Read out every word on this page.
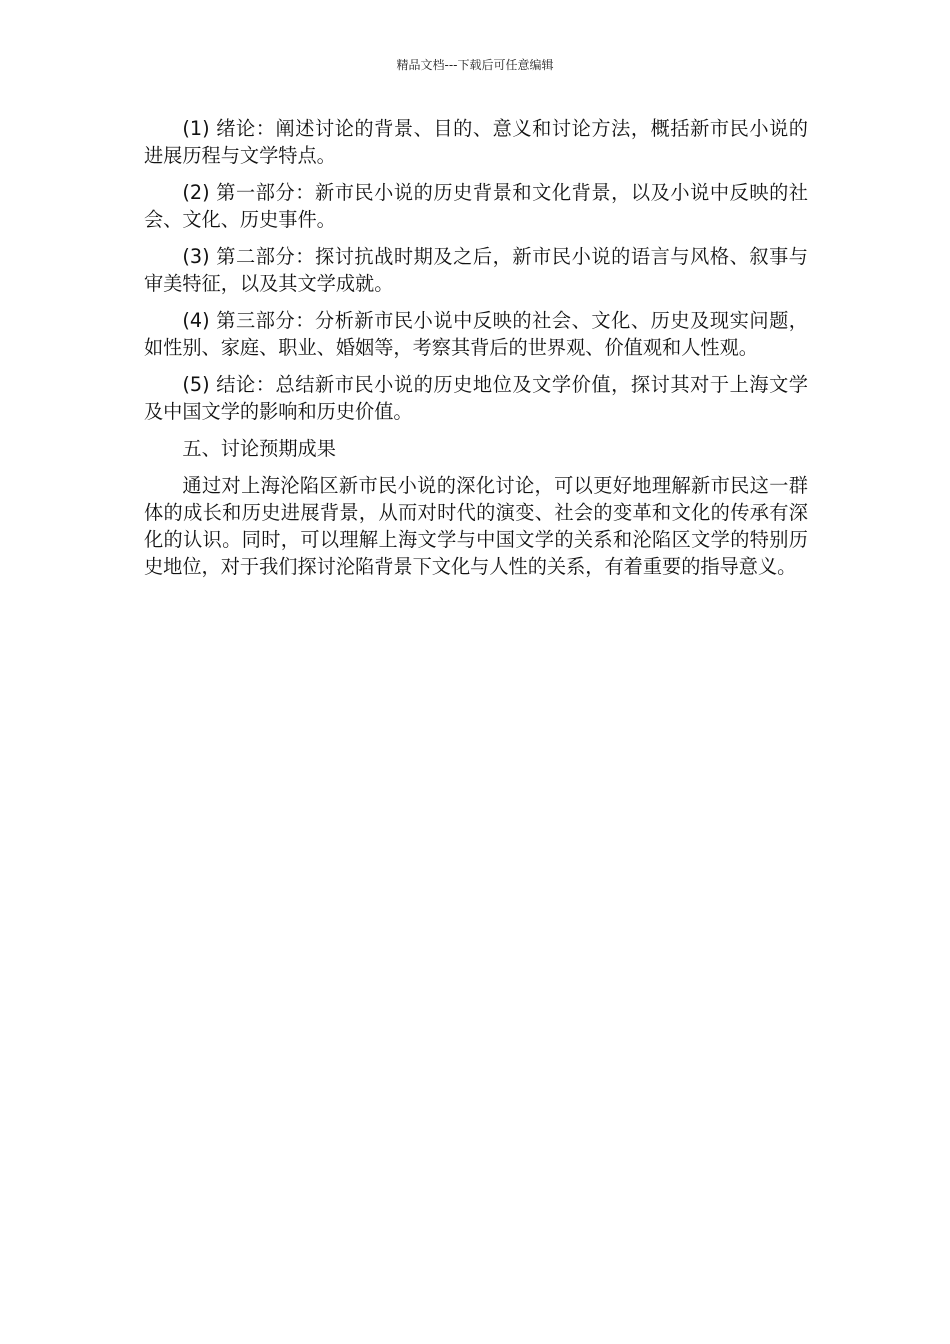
精品文档---下载后可任意编辑

(1) 绪论：阐述讨论的背景、目的、意义和讨论方法，概括新市民小说的进展历程与文学特点。

(2) 第一部分：新市民小说的历史背景和文化背景，以及小说中反映的社会、文化、历史事件。

(3) 第二部分：探讨抗战时期及之后，新市民小说的语言与风格、叙事与审美特征，以及其文学成就。

(4) 第三部分：分析新市民小说中反映的社会、文化、历史及现实问题，如性别、家庭、职业、婚姻等，考察其背后的世界观、价值观和人性观。

(5) 结论：总结新市民小说的历史地位及文学价值，探讨其对于上海文学及中国文学的影响和历史价值。

五、讨论预期成果

通过对上海沦陷区新市民小说的深化讨论，可以更好地理解新市民这一群体的成长和历史进展背景，从而对时代的演变、社会的变革和文化的传承有深化的认识。同时，可以理解上海文学与中国文学的关系和沦陷区文学的特别历史地位，对于我们探讨沦陷背景下文化与人性的关系，有着重要的指导意义。
